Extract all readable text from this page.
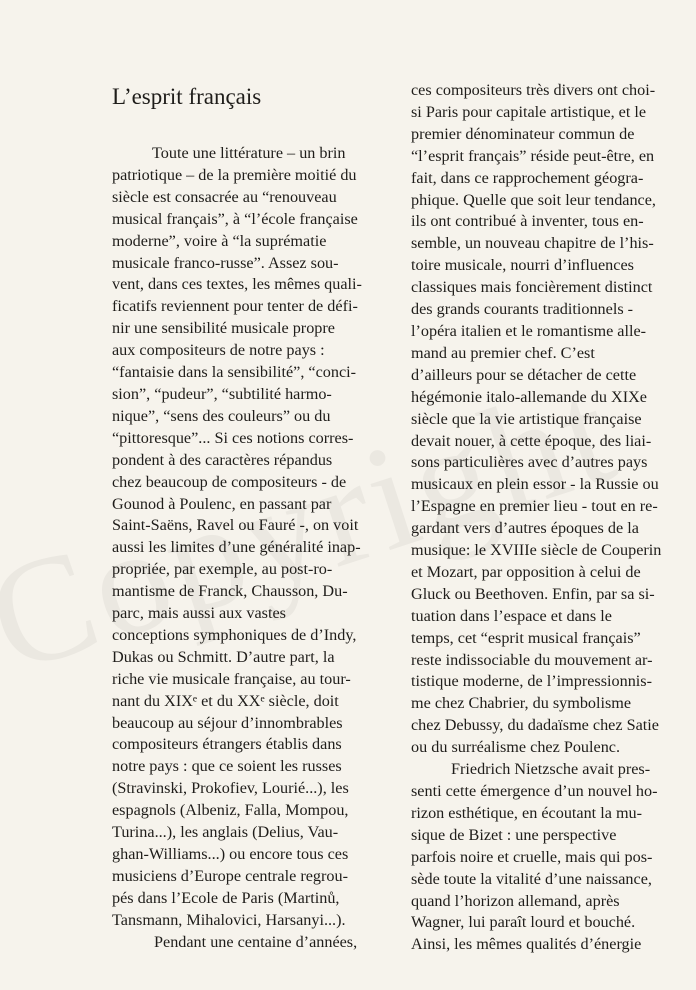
L’esprit français
Toute une littérature – un brin
patriotique – de la première moitié du
siècle est consacrée au “renouveau
musical français”, à “l’école française
moderne”, voire à “la suprématie
musicale franco-russe”. Assez sou-
vent, dans ces textes, les mêmes quali-
ficatifs reviennent pour tenter de défi-
nir une sensibilité musicale propre
aux compositeurs de notre pays :
“fantaisie dans la sensibilité”, “conci-
sion”, “pudeur”, “subtilité harmo-
nique”, “sens des couleurs” ou du
“pittoresque”... Si ces notions corres-
pondent à des caractères répandus
chez beaucoup de compositeurs - de
Gounod à Poulenc, en passant par
Saint-Saëns, Ravel ou Fauré -, on voit
aussi les limites d’une généralité inap-
propriée, par exemple, au post-ro-
mantisme de Franck, Chausson, Du-
parc, mais aussi aux vastes
conceptions symphoniques de d’Indy,
Dukas ou Schmitt. D’autre part, la
riche vie musicale française, au tour-
nant du XIXᵉ et du XXᵉ siècle, doit
beaucoup au séjour d’innombrables
compositeurs étrangers établis dans
notre pays : que ce soient les russes
(Stravinski, Prokofiev, Lourié...), les
espagnols (Albeniz, Falla, Mompou,
Turina...), les anglais (Delius, Vau-
ghan-Williams...) ou encore tous ces
musiciens d’Europe centrale regrou-
pés dans l’Ecole de Paris (Martinů,
Tansmann, Mihalovici, Harsanyi...).
Pendant une centaine d’années,
ces compositeurs très divers ont choi-
si Paris pour capitale artistique, et le
premier dénominateur commun de
“l’esprit français” réside peut-être, en
fait, dans ce rapprochement géogra-
phique. Quelle que soit leur tendance,
ils ont contribué à inventer, tous en-
semble, un nouveau chapitre de l’his-
toire musicale, nourri d’influences
classiques mais foncièrement distinct
des grands courants traditionnels -
l’opéra italien et le romantisme alle-
mand au premier chef. C’est
d’ailleurs pour se détacher de cette
hégémonie italo-allemande du XIXe
siècle que la vie artistique française
devait nouer, à cette époque, des liai-
sons particulières avec d’autres pays
musicaux en plein essor - la Russie ou
l’Espagne en premier lieu - tout en re-
gardant vers d’autres époques de la
musique: le XVIIIe siècle de Couperin
et Mozart, par opposition à celui de
Gluck ou Beethoven. Enfin, par sa si-
tuation dans l’espace et dans le
temps, cet “esprit musical français”
reste indissociable du mouvement ar-
tistique moderne, de l’impressionnis-
me chez Chabrier, du symbolisme
chez Debussy, du dadaïsme chez Satie
ou du surréalisme chez Poulenc.
Friedrich Nietzsche avait pres-
senti cette émergence d’un nouvel ho-
rizon esthétique, en écoutant la mu-
sique de Bizet : une perspective
parfois noire et cruelle, mais qui pos-
sède toute la vitalité d’une naissance,
quand l’horizon allemand, après
Wagner, lui paraît lourd et bouché.
Ainsi, les mêmes qualités d’énergie
